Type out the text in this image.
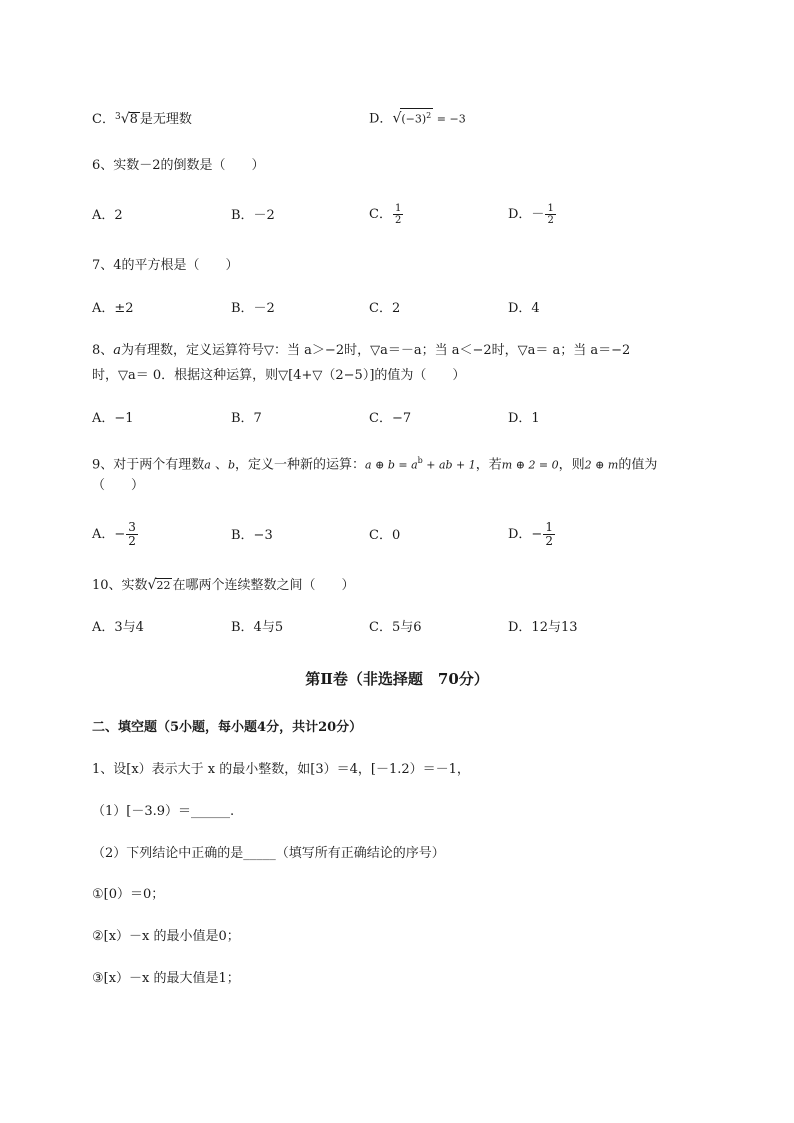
C．$^3$√8 是无理数	D．$√(-3)^2 = -3$
6、实数－2的倒数是（　　）
A．2	B．－2	C． $\frac{1}{2}$	D．－ $\frac{1}{2}$
7、4的平方根是（　　）
A．±2	B．－2	C．2	D．4
8、a为有理数，定义运算符号▽：当 a＞−2时，▽a＝－a；当 a＜−2时，▽a＝ a；当 a＝−2
时，▽a＝ 0．根据这种运算，则▽[4+▽（2−5）]的值为（　　）
A．−1	B．7	C．−7	D．1
9、对于两个有理数a 、b，定义一种新的运算：a ⊕ $b = a^b$ + ab + 1，若m ⊕ 2 = 0，则2 ⊕ m的值为
（　　）
A．− $\frac{3}{2}$	B．−3	C．0	D．− $\frac{1}{2}$
10、实数√22 在哪两个连续整数之间（　　）
A．3与4	B．4与5	C．5与6	D．12与13
第Ⅱ卷（非选择题　70分）
二、填空题（5小题，每小题4分，共计20分）
1、设[x）表示大于 x 的最小整数，如[3）＝4，[－1.2）＝－1，
（1）[－3.9）＝______.
（2）下列结论中正确的是_____（填写所有正确结论的序号）
①[0）＝0；
②[x）－x 的最小值是0；
③[x）－x 的最大值是1；
